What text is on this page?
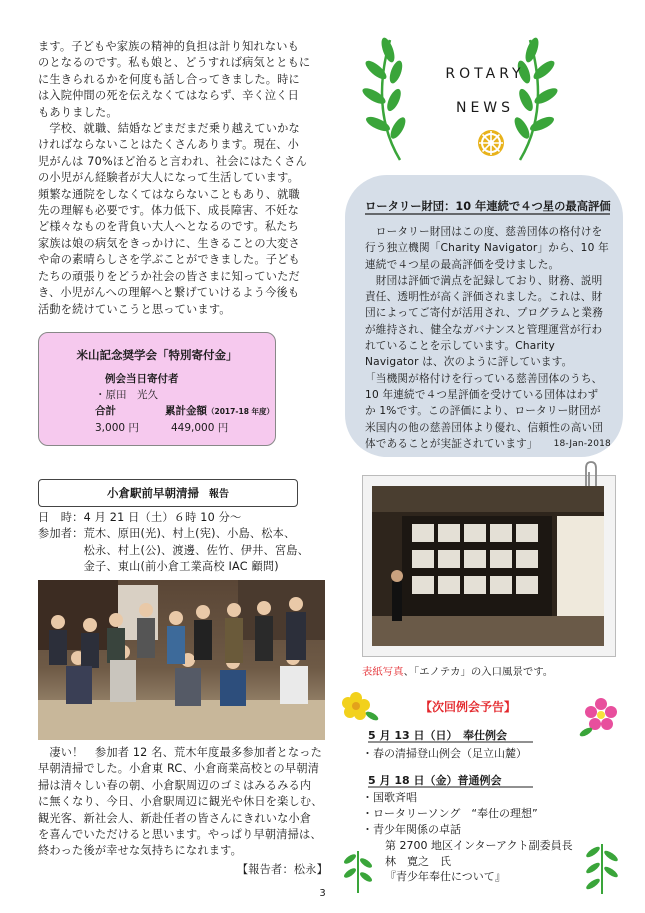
ます。子どもや家族の精神的負担は計り知れないも
のとなるのです。私も娘と、どうすれば病気とともに
に生きられるかを何度も話し合ってきました。時に
は入院仲間の死を伝えなくてはならず、辛く泣く日
もありました。
　学校、就職、結婚などまだまだ乗り越えていかな
ければならないことはたくさんあります。現在、小
児がんは 70%ほど治ると言われ、社会にはたくさん
の小児がん経験者が大人になって生活しています。
頻繁な通院をしなくてはならないこともあり、就職
先の理解も必要です。体力低下、成長障害、不妊な
ど様々なものを背負い大人へとなるのです。私たち
家族は娘の病気をきっかけに、生きることの大変さ
や命の素晴らしさを学ぶことができました。子ども
たちの頑張りをどうか社会の皆さまに知っていただ
き、小児がんへの理解へと繋げていけるよう今後も
活動を続けていこうと思っています。
米山記念奨学会「特別寄付金」
例会当日寄付者
・原田　光久
合計	累計金額（2017-18 年度）
3,000 円	449,000 円
小倉駅前早朝清掃 報告
日　時：4 月 21 日（土）６時 10 分～
参加者： 荒木、原田(光)、村上(宪)、小島、松本、
松永、村上(公)、渡邊、佐竹、伊井、宮島、
金子、東山(前小倉工業高校 IAC 顧問)
　凄い！　参加者 12 名、荒木年度最多参加者となった
早朝清掃でした。小倉東 RC、小倉商業高校との早朝清
掃は清々しい春の朝、小倉駅周辺のゴミはみるみる内
に無くなり、今日、小倉駅周辺に観光や休日を楽しむ、
観光客、新社会人、新赴任者の皆さんにきれいな小倉
を喜んでいただけると思います。やっぱり早朝清掃は、
終わった後が幸せな気持ちになれます。
【報告者：松永】
ROTARY
NEWS
ロータリー財団：10 年連続で４つ星の最高評価
　ロータリー財団はこの度、慈善団体の格付けを
行う独立機関「Charity Navigator」から、10 年
連続で４つ星の最高評価を受けました。
　財団は評価で満点を記録しており、財務、説明
責任、透明性が高く評価されました。これは、財
団によってご寄付が活用され、プログラムと業務
が維持され、健全なガバナンスと管理運営が行わ
れていることを示しています。Charity
Navigator は、次のように評しています。
「当機関が格付けを行っている慈善団体のうち、
10 年連続で４つ星評価を受けている団体はわず
か 1%です。この評価により、ロータリー財団が
米国内の他の慈善団体より優れ、信頼性の高い団
体であることが実証されています」 18-Jan-2018
表紙写真、「エノテカ」の入口風景です。
【次回例会予告】
5 月 13 日（日）　奉仕例会
・春の清掃登山例会（足立山麓）
5 月 18 日（金）普通例会
・国歌斉唱
・ロータリーソング　“奉仕の理想”
・青少年関係の卓話
第 2700 地区インターアクト副委員長
林　寛之　氏
『青少年奉仕について』
3
